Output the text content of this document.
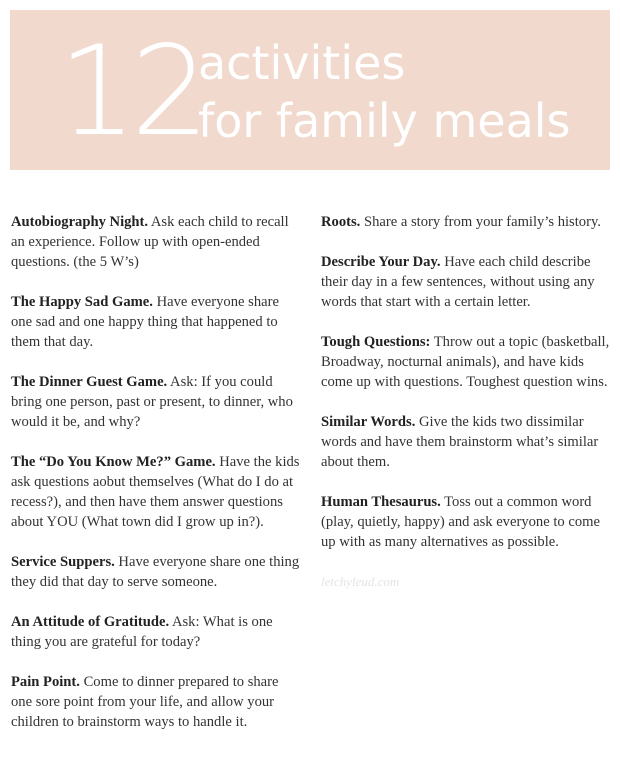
12
activities
for family meals

Autobiography Night. Ask each child to recall an experience. Follow up with open-ended questions. (the 5 W’s)

The Happy Sad Game. Have everyone share one sad and one happy thing that happened to them that day.

The Dinner Guest Game. Ask: If you could bring one person, past or present, to dinner, who would it be, and why?

The “Do You Know Me?” Game. Have the kids ask questions aobut themselves (What do I do at recess?), and then have them answer questions about YOU (What town did I grow up in?).

Service Suppers. Have everyone share one thing they did that day to serve someone.

An Attitude of Gratitude. Ask: What is one thing you are grateful for today?

Pain Point. Come to dinner prepared to share one sore point from your life, and allow your children to brainstorm ways to handle it.

Roots. Share a story from your family’s history.

Describe Your Day. Have each child describe their day in a few sentences, without using any words that start with a certain letter.

Tough Questions: Throw out a topic (basketball, Broadway, nocturnal animals), and have kids come up with questions. Toughest question wins.

Similar Words. Give the kids two dissimilar words and have them brainstorm what’s similar about them.

Human Thesaurus. Toss out a common word (play, quietly, happy) and ask everyone to come up with as many alternatives as possible.

letchyleud.com
